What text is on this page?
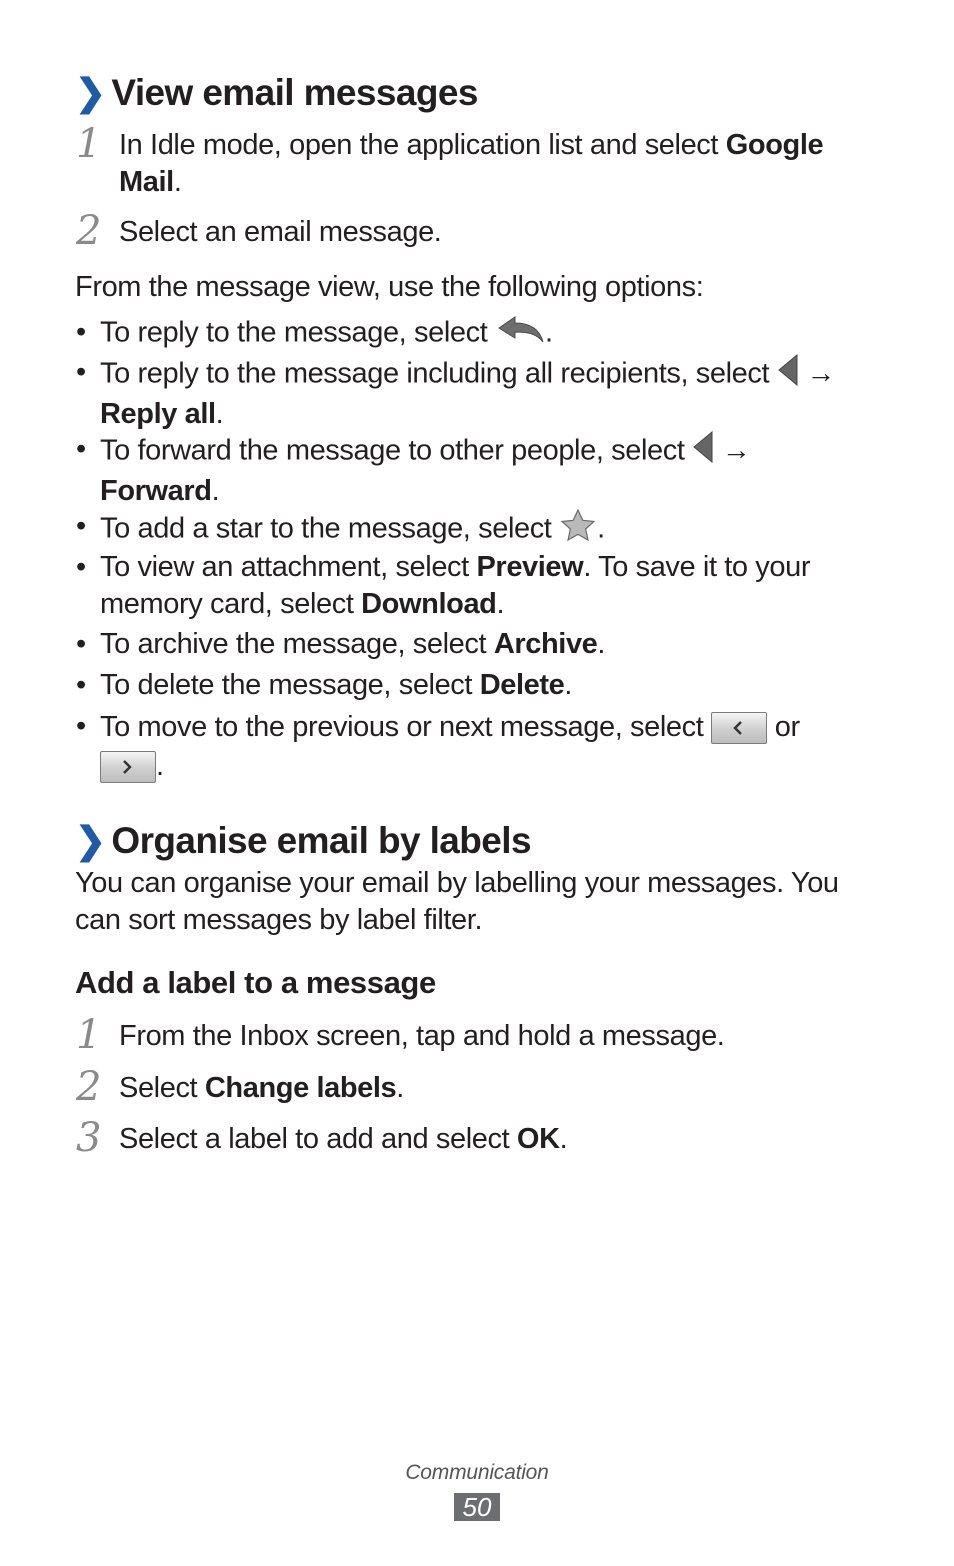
❯ View email messages
1 In Idle mode, open the application list and select Google Mail.
2 Select an email message.
From the message view, use the following options:
• To reply to the message, select .
• To reply to the message including all recipients, select  →
Reply all.
• To forward the message to other people, select  →
Forward.
• To add a star to the message, select .
• To view an attachment, select Preview. To save it to your memory card, select Download.
• To archive the message, select Archive.
• To delete the message, select Delete.
• To move to the previous or next message, select
or

.
❯ Organise email by labels
You can organise your email by labelling your messages. You can sort messages by label filter.
Add a label to a message
1 From the Inbox screen, tap and hold a message.
2 Select Change labels.
3 Select a label to add and select OK.
Communication
50
